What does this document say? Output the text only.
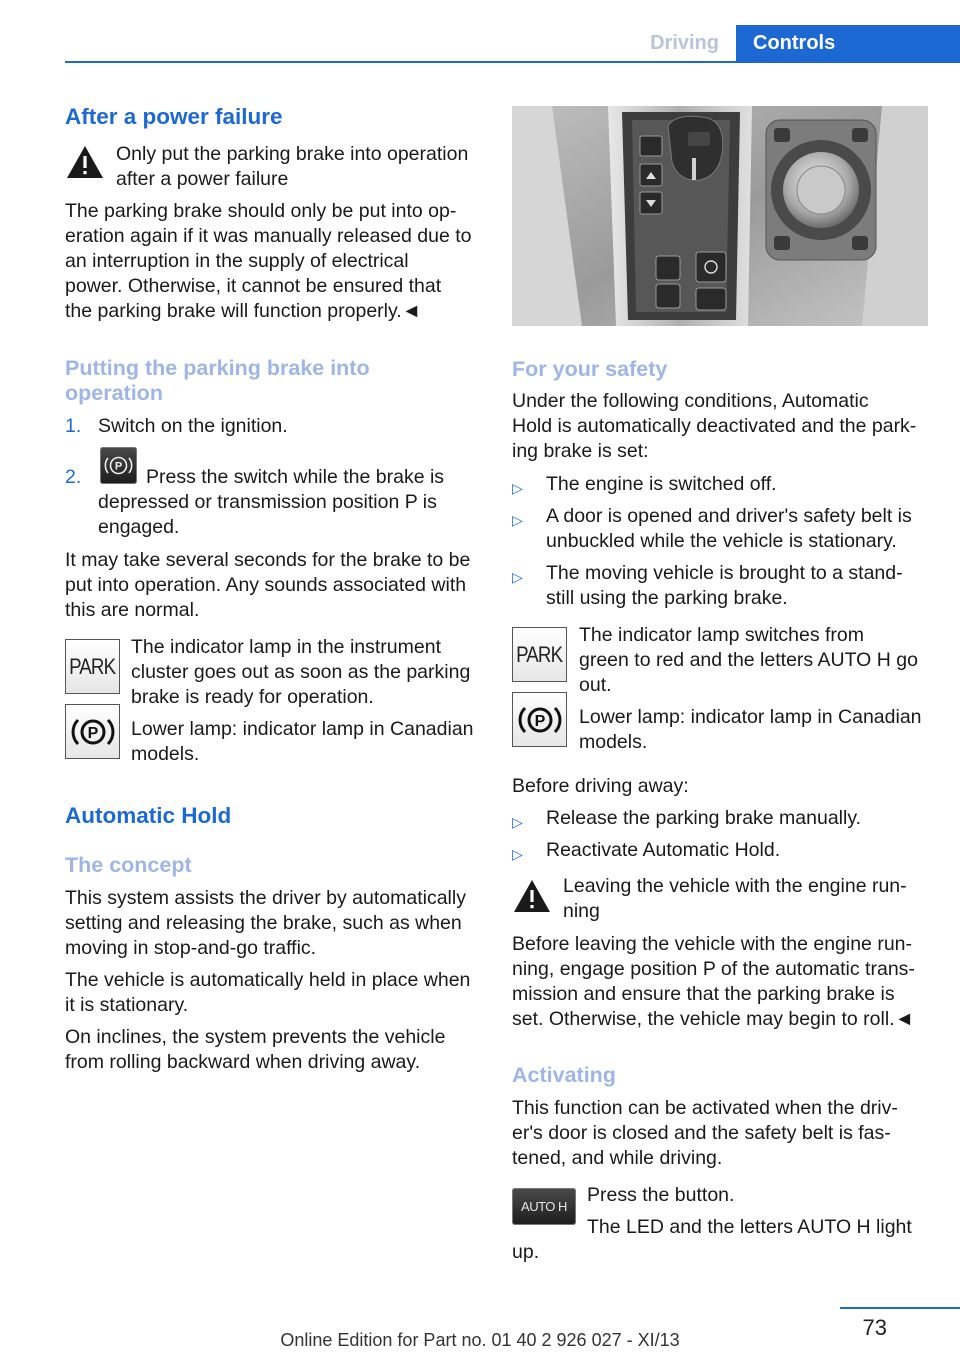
Driving	Controls
After a power failure

Only put the parking brake into operation

after a power failure

The parking brake should only be put into op-

eration again if it was manually released due to

an interruption in the supply of electrical

power. Otherwise, it cannot be ensured that

the parking brake will function properly.◄

Putting the parking brake into
operation
1. Switch on the ignition.

2.	P Press the switch while the brake is

depressed or transmission position P is

engaged.

It may take several seconds for the brake to be

put into operation. Any sounds associated with

this are normal.

PARK

The indicator lamp in the instrument

cluster goes out as soon as the parking

brake is ready for operation.

P Lower lamp: indicator lamp in Canadian

models.

Automatic Hold
The concept

This system assists the driver by automatically

setting and releasing the brake, such as when

moving in stop-and-go traffic.

The vehicle is automatically held in place when

it is stationary.

On inclines, the system prevents the vehicle

from rolling backward when driving away.

For your safety

Under the following conditions, Automatic

Hold is automatically deactivated and the park-

ing brake is set:

▷ The engine is switched off.

▷ A door is opened and driver's safety belt is

unbuckled while the vehicle is stationary.

▷ The moving vehicle is brought to a stand-

still using the parking brake.

PARK

The indicator lamp switches from

green to red and the letters AUTO H go

out.

P Lower lamp: indicator lamp in Canadian

models.

Before driving away:

▷ Release the parking brake manually.

▷ Reactivate Automatic Hold.

Leaving the vehicle with the engine run-

ning

Before leaving the vehicle with the engine run-

ning, engage position P of the automatic trans-

mission and ensure that the parking brake is

set. Otherwise, the vehicle may begin to roll.◄

Activating

This function can be activated when the driv-

er's door is closed and the safety belt is fas-

tened, and while driving.

AUTO H

Press the button.

The LED and the letters AUTO H light

up.

73
Online Edition for Part no. 01 40 2 926 027 - XI/13
